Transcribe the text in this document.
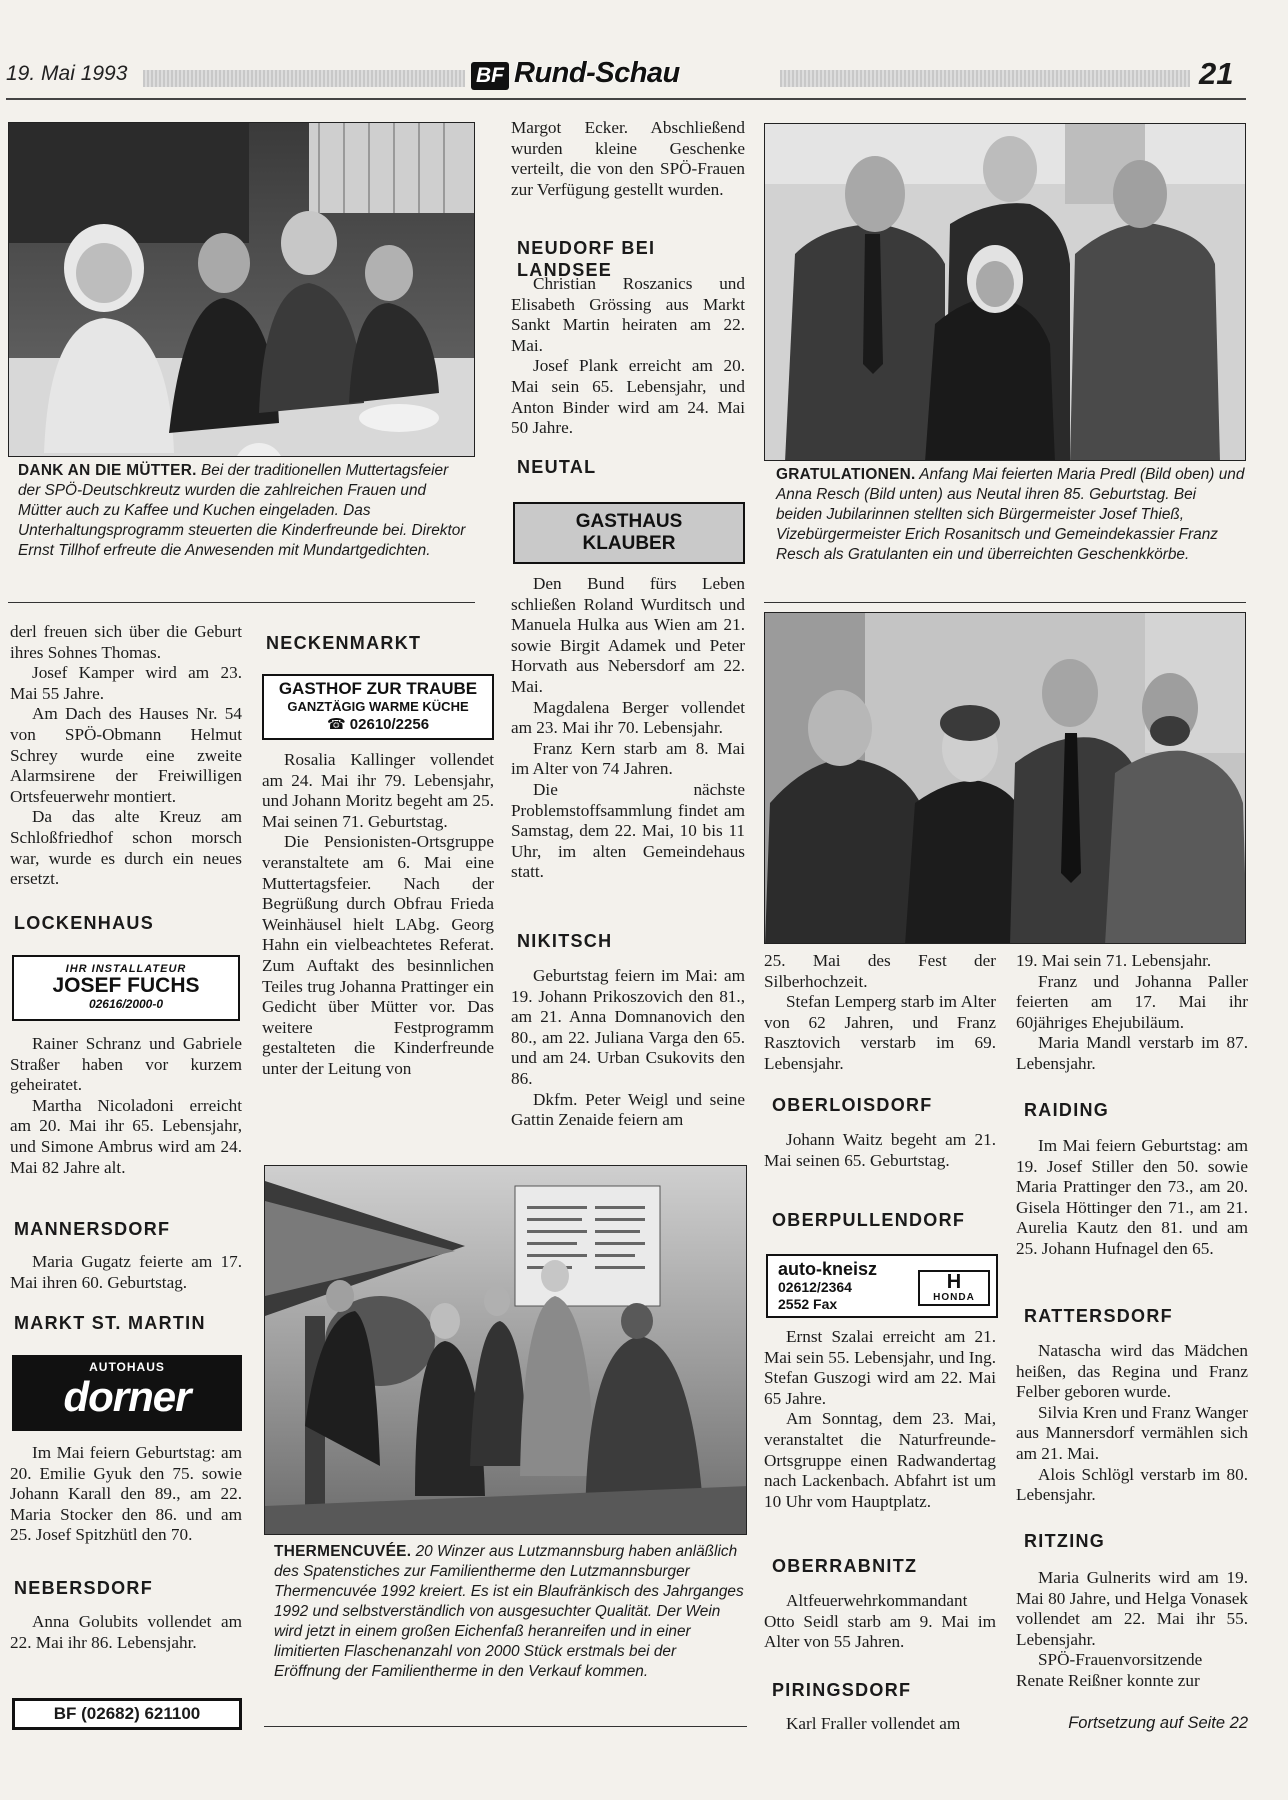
19. Mai 1993	BF Rund-Schau	21
DANK AN DIE MÜTTER. Bei der traditionellen Muttertagsfeier der SPÖ-Deutschkreutz wurden die zahlreichen Frauen und Mütter auch zu Kaffee und Kuchen eingeladen. Das Unterhaltungsprogramm steuerten die Kinderfreunde bei. Direktor Ernst Tillhof erfreute die Anwesenden mit Mundartgedichten.

derl freuen sich über die Geburt ihres Sohnes Thomas.

Josef Kamper wird am 23. Mai 55 Jahre.

Am Dach des Hauses Nr. 54 von SPÖ-Obmann Helmut Schrey wurde eine zweite Alarmsirene der Freiwilligen Ortsfeuerwehr montiert.

Da das alte Kreuz am Schloßfriedhof schon morsch war, wurde es durch ein neues ersetzt.

LOCKENHAUS
IHR INSTALLATEUR
JOSEF FUCHS
02616/2000-0

Rainer Schranz und Gabriele Straßer haben vor kurzem geheiratet.

Martha Nicoladoni erreicht am 20. Mai ihr 65. Lebensjahr, und Simone Ambrus wird am 24. Mai 82 Jahre alt.

MANNERSDORF

Maria Gugatz feierte am 17. Mai ihren 60. Geburtstag.

MARKT ST. MARTIN
AUTOHAUS
dorner

Im Mai feiern Geburtstag: am 20. Emilie Gyuk den 75. sowie Johann Karall den 89., am 22. Maria Stocker den 86. und am 25. Josef Spitzhütl den 70.

NEBERSDORF

Anna Golubits vollendet am 22. Mai ihr 86. Lebensjahr.

BF (02682) 621100
NECKENMARKT
GASTHOF ZUR TRAUBE
GANZTÄGIG WARME KÜCHE
☎ 02610/2256

Rosalia Kallinger vollendet am 24. Mai ihr 79. Lebensjahr, und Johann Moritz begeht am 25. Mai seinen 71. Geburtstag.

Die Pensionisten-Ortsgruppe veranstaltete am 6. Mai eine Muttertagsfeier. Nach der Begrüßung durch Obfrau Frieda Weinhäusel hielt LAbg. Georg Hahn ein vielbeachtetes Referat. Zum Auftakt des besinnlichen Teiles trug Johanna Prattinger ein Gedicht über Mütter vor. Das weitere Festprogramm gestalteten die Kinderfreunde unter der Leitung von

THERMENCUVÉE. 20 Winzer aus Lutzmannsburg haben anläßlich des Spatenstiches zur Familientherme den Lutzmannsburger Thermencuvée 1992 kreiert. Es ist ein Blaufränkisch des Jahrganges 1992 und selbstverständlich von ausgesuchter Qualität. Der Wein wird jetzt in einem großen Eichenfaß heranreifen und in einer limitierten Flaschenanzahl von 2000 Stück erstmals bei der Eröffnung der Familientherme in den Verkauf kommen.

Margot Ecker. Abschließend wurden kleine Geschenke verteilt, die von den SPÖ-Frauen zur Verfügung gestellt wurden.

NEUDORF BEI LANDSEE

Christian Roszanics und Elisabeth Grössing aus Markt Sankt Martin heiraten am 22. Mai.

Josef Plank erreicht am 20. Mai sein 65. Lebensjahr, und Anton Binder wird am 24. Mai 50 Jahre.

NEUTAL
GASTHAUS
KLAUBER

Den Bund fürs Leben schließen Roland Wurditsch und Manuela Hulka aus Wien am 21. sowie Birgit Adamek und Peter Horvath aus Nebersdorf am 22. Mai.

Magdalena Berger vollendet am 23. Mai ihr 70. Lebensjahr.

Franz Kern starb am 8. Mai im Alter von 74 Jahren.

Die nächste Problemstoffsammlung findet am Samstag, dem 22. Mai, 10 bis 11 Uhr, im alten Gemeindehaus statt.

NIKITSCH

Geburtstag feiern im Mai: am 19. Johann Prikoszovich den 81., am 21. Anna Domnanovich den 80., am 22. Juliana Varga den 65. und am 24. Urban Csukovits den 86.

Dkfm. Peter Weigl und seine Gattin Zenaide feiern am

GRATULATIONEN. Anfang Mai feierten Maria Predl (Bild oben) und Anna Resch (Bild unten) aus Neutal ihren 85. Geburtstag. Bei beiden Jubilarinnen stellten sich Bürgermeister Josef Thieß, Vizebürgermeister Erich Rosanitsch und Gemeindekassier Franz Resch als Gratulanten ein und überreichten Geschenkkörbe.

25. Mai des Fest der Silberhochzeit.

Stefan Lemperg starb im Alter von 62 Jahren, und Franz Rasztovich verstarb im 69. Lebensjahr.

OBERLOISDORF

Johann Waitz begeht am 21. Mai seinen 65. Geburtstag.

OBERPULLENDORF
auto-kneisz
02612/2364
2552 Fax
H
HONDA

Ernst Szalai erreicht am 21. Mai sein 55. Lebensjahr, und Ing. Stefan Guszogi wird am 22. Mai 65 Jahre.

Am Sonntag, dem 23. Mai, veranstaltet die Naturfreunde-Ortsgruppe einen Radwandertag nach Lackenbach. Abfahrt ist um 10 Uhr vom Hauptplatz.

OBERRABNITZ

Altfeuerwehrkommandant Otto Seidl starb am 9. Mai im Alter von 55 Jahren.

PIRINGSDORF

Karl Fraller vollendet am

19. Mai sein 71. Lebensjahr.

Franz und Johanna Paller feierten am 17. Mai ihr 60jähriges Ehejubiläum.

Maria Mandl verstarb im 87. Lebensjahr.

RAIDING

Im Mai feiern Geburtstag: am 19. Josef Stiller den 50. sowie Maria Prattinger den 73., am 20. Gisela Höttinger den 71., am 21. Aurelia Kautz den 81. und am 25. Johann Hufnagel den 65.

RATTERSDORF

Natascha wird das Mädchen heißen, das Regina und Franz Felber geboren wurde.

Silvia Kren und Franz Wanger aus Mannersdorf vermählen sich am 21. Mai.

Alois Schlögl verstarb im 80. Lebensjahr.

RITZING

Maria Gulnerits wird am 19. Mai 80 Jahre, und Helga Vonasek vollendet am 22. Mai ihr 55. Lebensjahr.

SPÖ-Frauenvorsitzende Renate Reißner konnte zur

Fortsetzung auf Seite 22
